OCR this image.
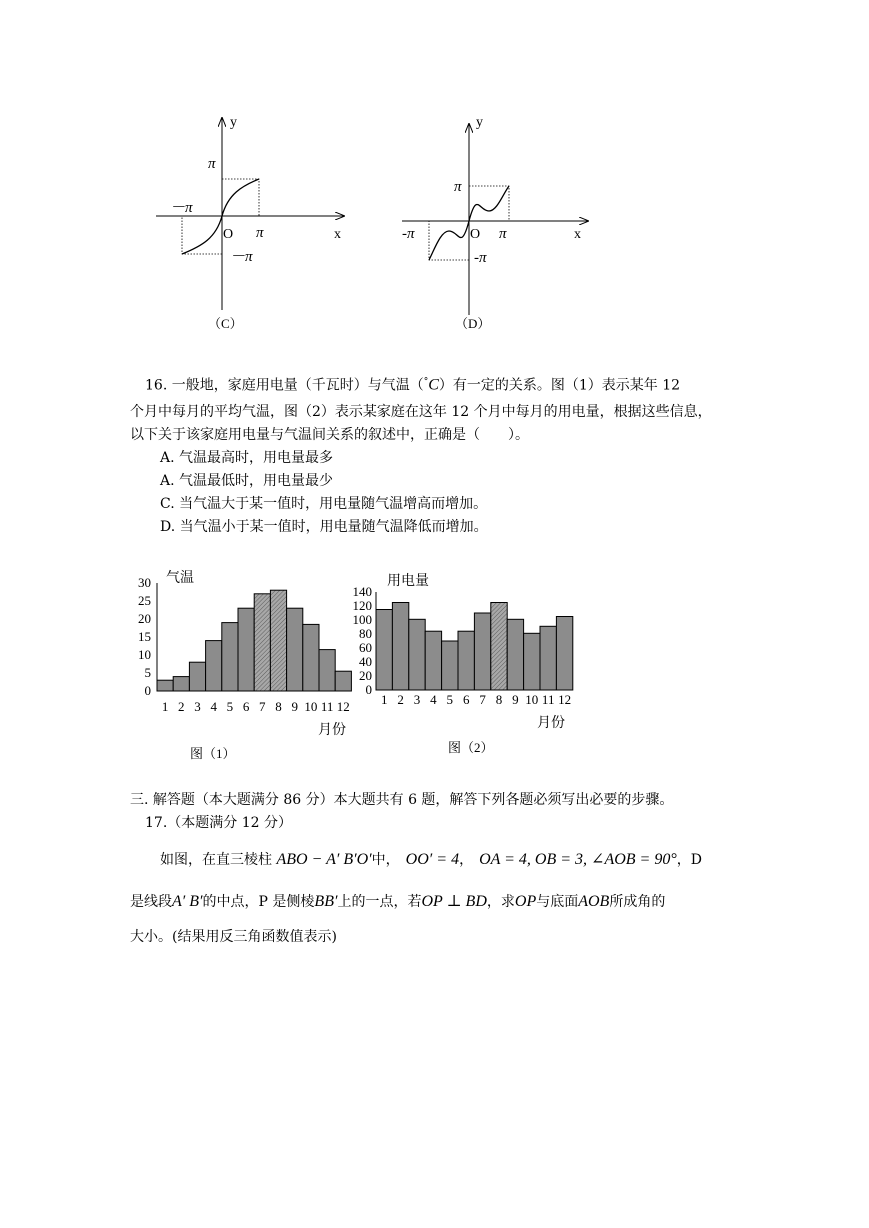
y
x
O
π
π
－π
－π
（C）
y
x
O
π
π
-π
-π
（D）
16. 一般地，家庭用电量（千瓦时）与气温（°C）有一定的关系。图（1）表示某年 12
个月中每月的平均气温，图（2）表示某家庭在这年 12 个月中每月的用电量，根据这些信息，
以下关于该家庭用电量与气温间关系的叙述中，正确是（　　）。
A. 气温最高时，用电量最多
A. 气温最低时，用电量最少
C. 当气温大于某一值时，用电量随气温增高而增加。
D. 当气温小于某一值时，用电量随气温降低而增加。
气温
月份
图（1）
0
5
10
15
20
25
30
1 2 3 4 5 6 7 8 9 10 11 12
用电量
月份
图（2）
0
20
40
60
80
100
120
140
1 2 3 4 5 6 7 8 9 10 11 12
三. 解答题（本大题满分 86 分）本大题共有 6 题，解答下列各题必须写出必要的步骤。
17.（本题满分 12 分）
如图，在直三棱柱 ABO − A′ B′O′中， OO′ = 4， OA = 4, OB = 3, ∠AOB = 90°，D
是线段A′ B′的中点，P 是侧棱BB′上的一点，若OP ⊥ BD，求OP与底面AOB所成角的
大小。(结果用反三角函数值表示)
